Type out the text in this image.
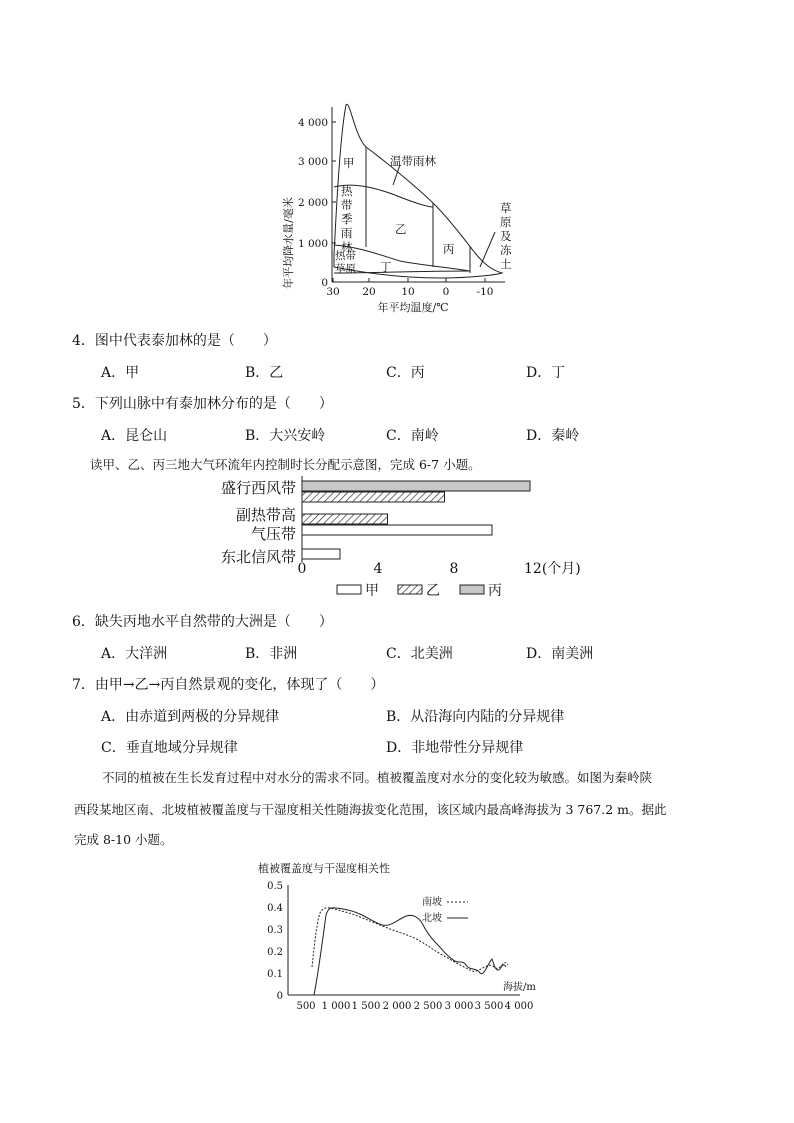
年平均降水量/毫米
4 000
3 000
2 000
1 000
0
30 20 10	0	-10
年平均温度/℃
甲	温带雨林
热
带
季
雨
林
乙
丙
热带
草原 丁
草
原
及
冻
土
4．图中代表泰加林的是（　　）
A．甲	B．乙	C．丙	D．丁
5．下列山脉中有泰加林分布的是（　　）
A．昆仑山	B．大兴安岭	C．南岭	D．秦岭
读甲、乙、丙三地大气环流年内控制时长分配示意图，完成 6-7 小题。
盛行西风带
副热带高
气压带
东北信风带
0	4	8	12(个月)
甲	乙	丙
6．缺失丙地水平自然带的大洲是（　　）
A．大洋洲	B．非洲	C．北美洲	D．南美洲
7．由甲→乙→丙自然景观的变化，体现了（　　）
A．由赤道到两极的分异规律	B．从沿海向内陆的分异规律
C．垂直地域分异规律	D．非地带性分异规律
不同的植被在生长发育过程中对水分的需求不同。植被覆盖度对水分的变化较为敏感。如图为秦岭陕
西段某地区南、北坡植被覆盖度与干湿度相关性随海拔变化范围，该区域内最高峰海拔为 3 767.2 m。据此
完成 8-10 小题。
植被覆盖度与干湿度相关性
0.5
0.4
0.3
0.2
0.1
0
500 1 000 1 500 2 000 2 500 3 000 3 500 4 000
海拔/m
南坡
北坡
